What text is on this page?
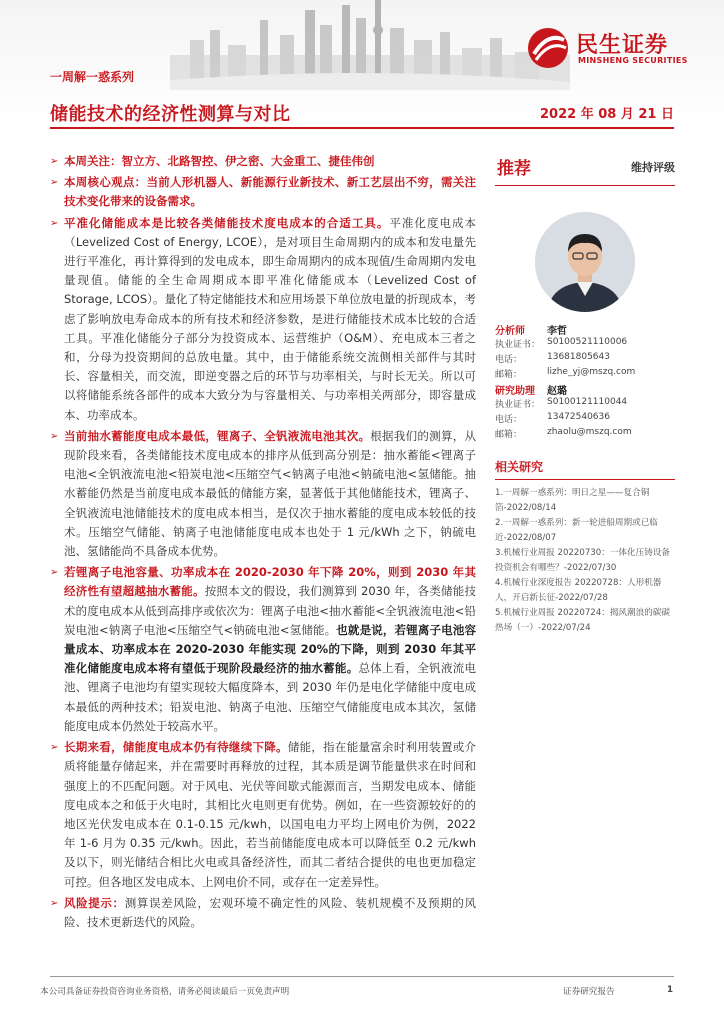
一周解一惑系列
储能技术的经济性测算与对比	2022 年 08 月 21 日
民生证券
MINSHENG SECURITIES
➢ 本周关注：智立方、北路智控、伊之密、大金重工、捷佳伟创
➢ 本周核心观点：当前人形机器人、新能源行业新技术、新工艺层出不穷，需关注技术变化带来的设备需求。
➢ 平准化储能成本是比较各类储能技术度电成本的合适工具。平准化度电成本（Levelized Cost of Energy, LCOE），是对项目生命周期内的成本和发电量先进行平准化，再计算得到的发电成本，即生命周期内的成本现值/生命周期内发电量现值。储能的全生命周期成本即平准化储能成本（Levelized Cost of Storage, LCOS）。量化了特定储能技术和应用场景下单位放电量的折现成本，考虑了影响放电寿命成本的所有技术和经济参数，是进行储能技术成本比较的合适工具。平准化储能分子部分为投资成本、运营维护（O&M）、充电成本三者之和，分母为投资期间的总放电量。其中，由于储能系统交流侧相关部件与其时长、容量相关，而交流，即逆变器之后的环节与功率相关，与时长无关。所以可以将储能系统各部件的成本大致分为与容量相关、与功率相关两部分，即容量成本、功率成本。
➢ 当前抽水蓄能度电成本最低，锂离子、全钒液流电池其次。根据我们的测算，从现阶段来看，各类储能技术度电成本的排序从低到高分别是：抽水蓄能<锂离子电池<全钒液流电池<铅炭电池<压缩空气<钠离子电池<钠硫电池<氢储能。抽水蓄能仍然是当前度电成本最低的储能方案，显著低于其他储能技术，锂离子、全钒液流电池储能技术的度电成本相当，是仅次于抽水蓄能的度电成本较低的技术。压缩空气储能、钠离子电池储能度电成本也处于 1 元/kWh 之下，钠硫电池、氢储能尚不具备成本优势。
➢ 若锂离子电池容量、功率成本在 2020-2030 年下降 20%，则到 2030 年其经济性有望超越抽水蓄能。按照本文的假设，我们测算到 2030 年，各类储能技术的度电成本从低到高排序或依次为：锂离子电池<抽水蓄能<全钒液流电池<铅炭电池<钠离子电池<压缩空气<钠硫电池<氢储能。也就是说，若锂离子电池容量成本、功率成本在 2020-2030 年能实现 20%的下降，则到 2030 年其平准化储能度电成本将有望低于现阶段最经济的抽水蓄能。总体上看，全钒液流电池、锂离子电池均有望实现较大幅度降本，到 2030 年仍是电化学储能中度电成本最低的两种技术；铅炭电池、钠离子电池、压缩空气储能度电成本其次，氢储能度电成本仍然处于较高水平。
➢ 长期来看，储能度电成本仍有待继续下降。储能，指在能量富余时利用装置或介质将能量存储起来，并在需要时再释放的过程，其本质是调节能量供求在时间和强度上的不匹配问题。对于风电、光伏等间歇式能源而言，当期发电成本、储能度电成本之和低于火电时，其相比火电则更有优势。例如，在一些资源较好的的地区光伏发电成本在 0.1-0.15 元/kwh，以国电电力平均上网电价为例，2022 年 1-6 月为 0.35 元/kwh。因此，若当前储能度电成本可以降低至 0.2 元/kwh 及以下，则光储结合相比火电或具备经济性，而其二者结合提供的电也更加稳定可控。但各地区发电成本、上网电价不同，或存在一定差异性。
➢ 风险提示：测算误差风险，宏观环境不确定性的风险、装机规模不及预期的风险、技术更新迭代的风险。
推荐	维持评级
分析师 李哲
执业证书： S0100521110006
电话：	13681805643
邮箱：	lizhe_yj@mszq.com
研究助理 赵璐
执业证书： S0100121110044
电话：	13472540636
邮箱：	zhaolu@mszq.com
相关研究
1.一周解一惑系列：明日之星——复合铜箔-2022/08/14
2.一周解一惑系列：新一轮进船周期或已临近-2022/08/07
3.机械行业周报 20220730：一体化压铸设备投资机会有哪些？-2022/07/30
4.机械行业深度报告 20220728：人形机器人，开启新长征-2022/07/28
5.机械行业周报 20220724：揭风潮浪的碳碳热场（一）-2022/07/24
本公司具备证券投资咨询业务资格，请务必阅读最后一页免责声明	证券研究报告	1
